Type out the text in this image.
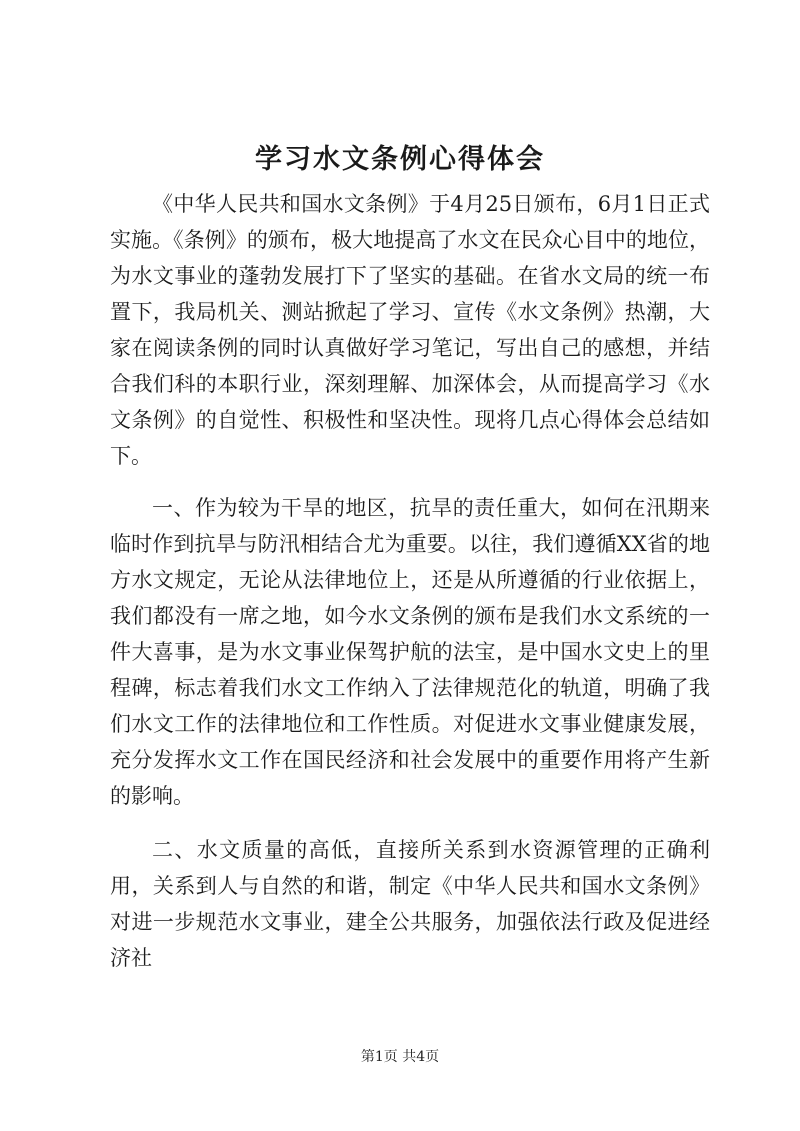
学习水文条例心得体会

《中华人民共和国水文条例》于4月25日颁布，6月1日正式实施。《条例》的颁布，极大地提高了水文在民众心目中的地位，为水文事业的蓬勃发展打下了坚实的基础。在省水文局的统一布置下，我局机关、测站掀起了学习、宣传《水文条例》热潮，大家在阅读条例的同时认真做好学习笔记，写出自己的感想，并结合我们科的本职行业，深刻理解、加深体会，从而提高学习《水文条例》的自觉性、积极性和坚决性。现将几点心得体会总结如下。

一、作为较为干旱的地区，抗旱的责任重大，如何在汛期来临时作到抗旱与防汛相结合尤为重要。以往，我们遵循XX省的地方水文规定，无论从法律地位上，还是从所遵循的行业依据上，我们都没有一席之地，如今水文条例的颁布是我们水文系统的一件大喜事，是为水文事业保驾护航的法宝，是中国水文史上的里程碑，标志着我们水文工作纳入了法律规范化的轨道，明确了我们水文工作的法律地位和工作性质。对促进水文事业健康发展，充分发挥水文工作在国民经济和社会发展中的重要作用将产生新的影响。

二、水文质量的高低，直接所关系到水资源管理的正确利用，关系到人与自然的和谐，制定《中华人民共和国水文条例》对进一步规范水文事业，建全公共服务，加强依法行政及促进经济社

第1页 共4页
